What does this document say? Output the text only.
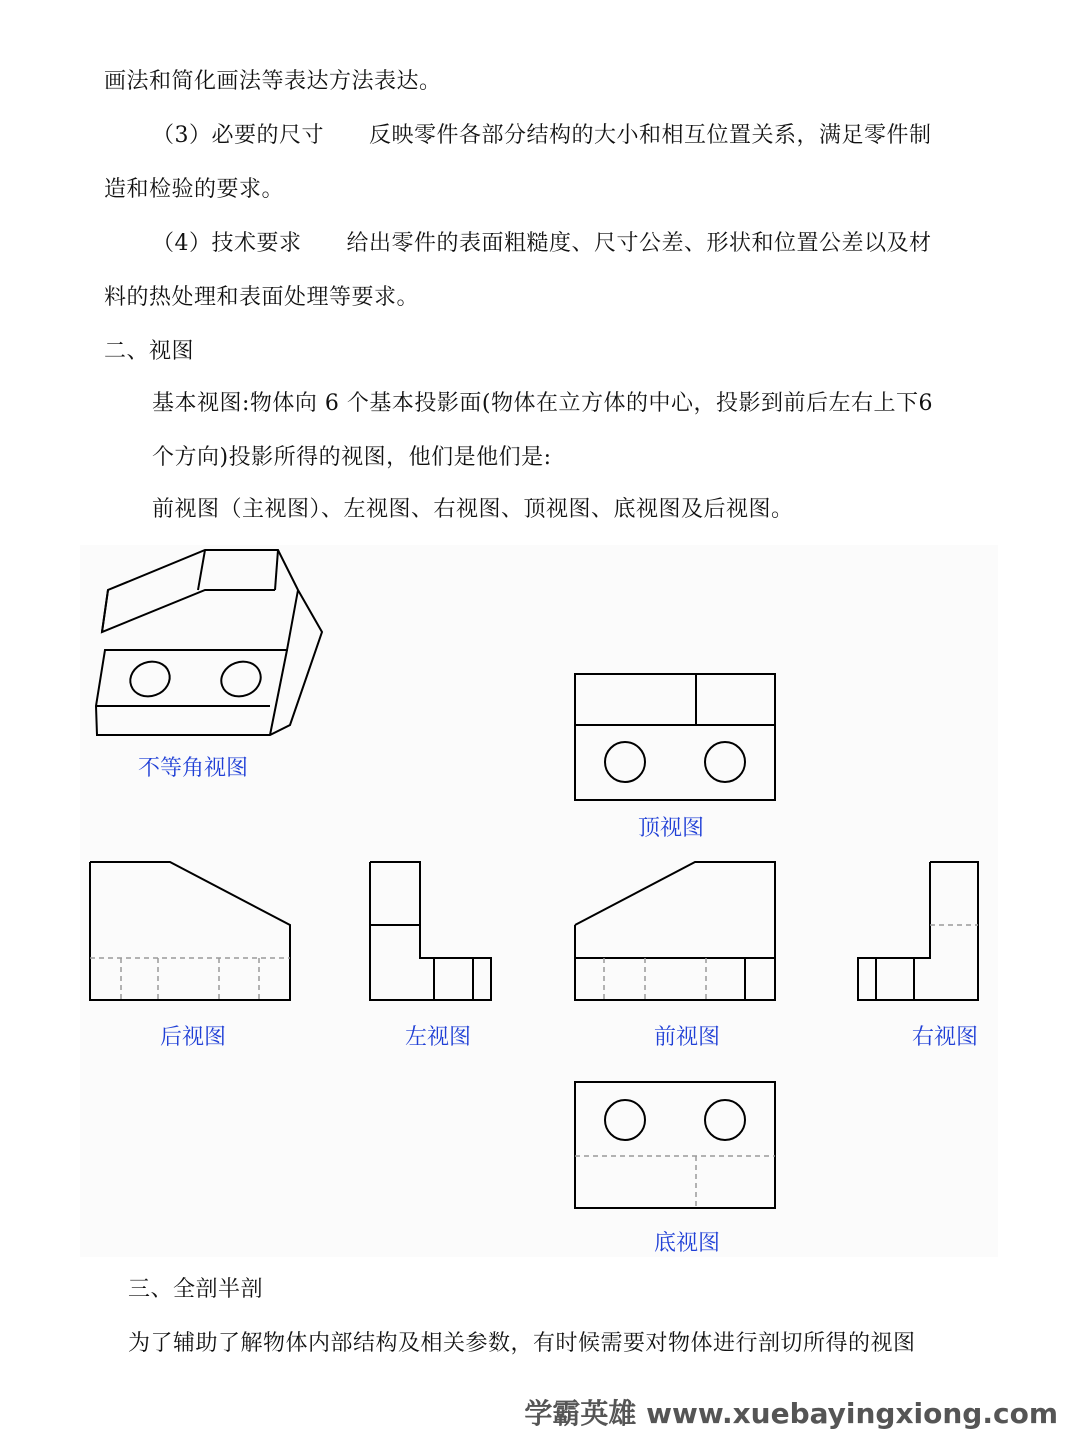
画法和简化画法等表达方法表达。
（3）必要的尺寸　　反映零件各部分结构的大小和相互位置关系，满足零件制
造和检验的要求。
（4）技术要求　　给出零件的表面粗糙度、尺寸公差、形状和位置公差以及材
料的热处理和表面处理等要求。
二、视图
基本视图:物体向 6 个基本投影面(物体在立方体的中心，投影到前后左右上下6
个方向)投影所得的视图，他们是他们是:
前视图（主视图）、左视图、右视图、顶视图、底视图及后视图。
不等角视图
顶视图
后视图	左视图	前视图	右视图
底视图
三、全剖半剖
为了辅助了解物体内部结构及相关参数，有时候需要对物体进行剖切所得的视图
学霸英雄 www.xuebayingxiong.com
